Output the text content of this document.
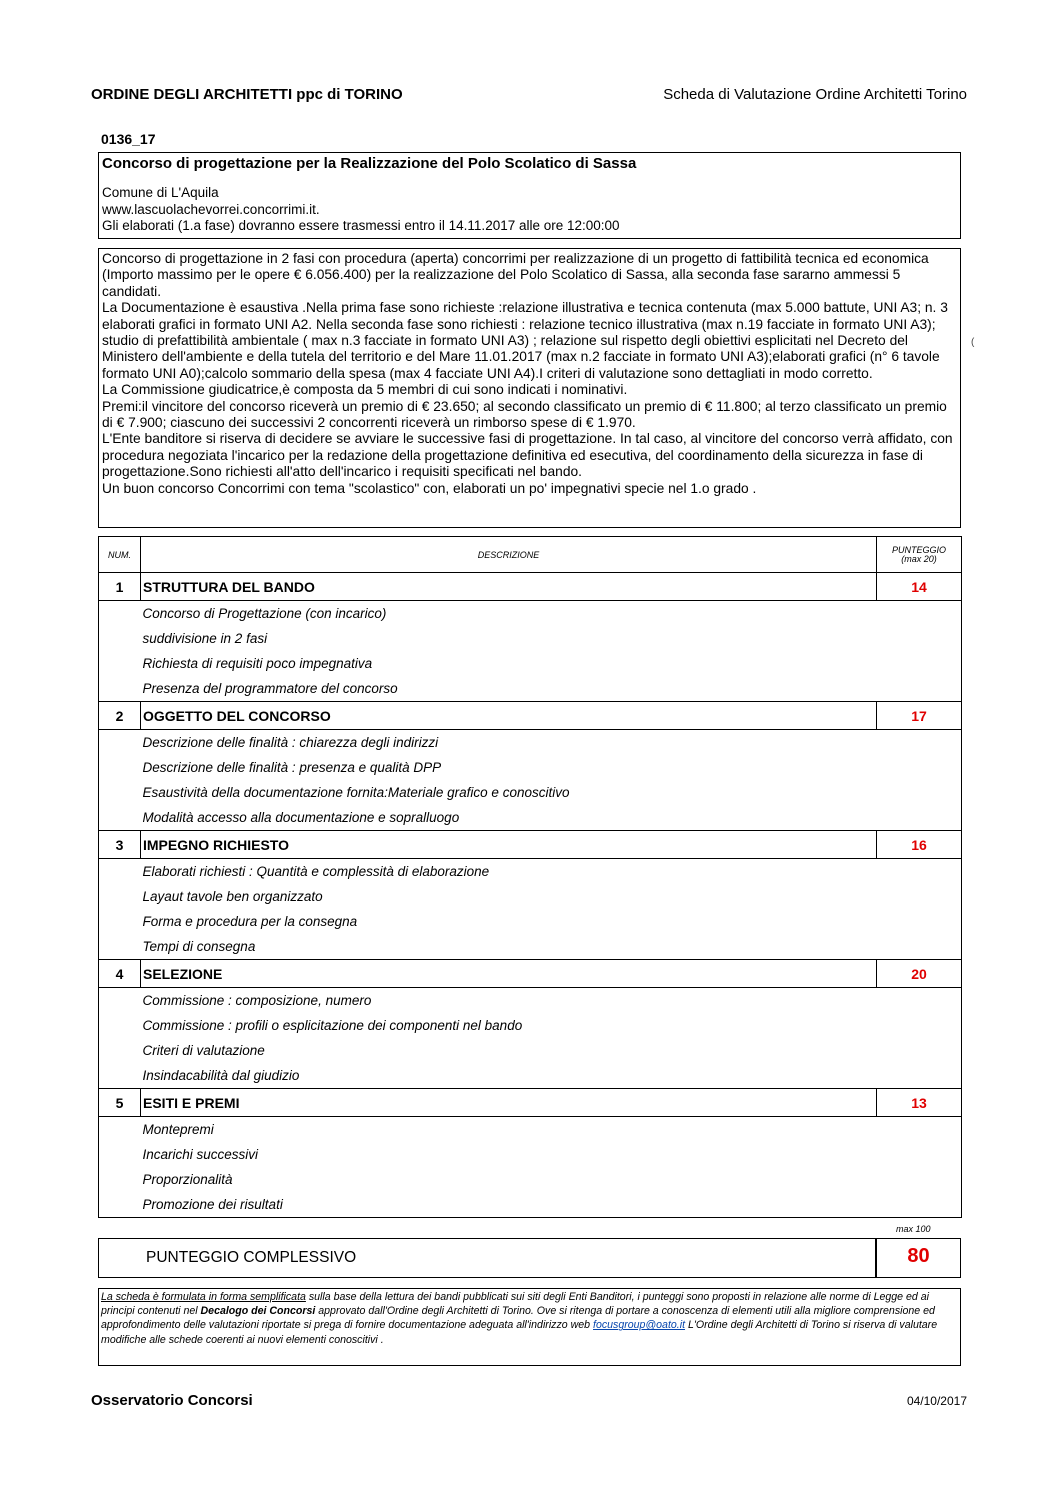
ORDINE DEGLI ARCHITETTI ppc di TORINO	Scheda di Valutazione Ordine Architetti Torino
0136_17
Concorso di progettazione per la Realizzazione del Polo Scolatico di Sassa
Comune di L'Aquila
www.lascuolachevorrei.concorrimi.it.
Gli elaborati (1.a fase) dovranno essere trasmessi entro il 14.11.2017 alle ore 12:00:00

Concorso di progettazione in 2 fasi con procedura (aperta) concorrimi per realizzazione di un progetto di fattibilità tecnica ed economica (Importo massimo per le opere € 6.056.400) per la realizzazione del Polo Scolatico di Sassa, alla seconda fase sararno ammessi 5 candidati.

La Documentazione è esaustiva .Nella prima fase sono richieste :relazione illustrativa e tecnica contenuta (max 5.000 battute, UNI A3; n. 3 elaborati grafici in formato UNI A2. Nella seconda fase sono richiesti : relazione tecnico illustrativa (max n.19 facciate in formato UNI A3); studio di prefattibilità ambientale ( max n.3 facciate in formato UNI A3) ; relazione sul rispetto degli obiettivi esplicitati nel Decreto del Ministero dell'ambiente e della tutela del territorio e del Mare 11.01.2017 (max n.2 facciate in formato UNI A3);elaborati grafici (n° 6 tavole formato UNI A0);calcolo sommario della spesa (max 4 facciate UNI A4).I criteri di valutazione sono dettagliati in modo corretto.

La Commissione giudicatrice,è composta da 5 membri di cui sono indicati i nominativi.

Premi:il vincitore del concorso riceverà un premio di € 23.650; al secondo classificato un premio di € 11.800; al terzo classificato un premio di € 7.900; ciascuno dei successivi 2 concorrenti riceverà un rimborso spese di € 1.970.

L'Ente banditore si riserva di decidere se avviare le successive fasi di progettazione. In tal caso, al vincitore del concorso verrà affidato, con procedura negoziata l'incarico per la redazione della progettazione definitiva ed esecutiva, del coordinamento della sicurezza in fase di progettazione.Sono richiesti all'atto dell'incarico i requisiti specificati nel bando.

Un buon concorso Concorrimi con tema "scolastico" con, elaborati un po' impegnativi specie nel 1.o grado .

(
NUM.	DESCRIZIONE	PUNTEGGIO
(max 20)
1	STRUTTURA DEL BANDO	14
	Concorso di Progettazione (con incarico)	
	suddivisione in 2 fasi	
	Richiesta di requisiti poco impegnativa	
	Presenza del programmatore del concorso	
2	OGGETTO DEL CONCORSO	17
	Descrizione delle finalità : chiarezza degli indirizzi	
	Descrizione delle finalità : presenza e qualità DPP	
	Esaustività della documentazione fornita:Materiale grafico e conoscitivo	
	Modalità accesso alla documentazione e sopralluogo	
3	IMPEGNO RICHIESTO	16
	Elaborati richiesti : Quantità e complessità di elaborazione	
	Layaut tavole ben organizzato	
	Forma e procedura per la consegna	
	Tempi di consegna	
4	SELEZIONE	20
	Commissione : composizione, numero	
	Commissione : profili o esplicitazione dei componenti nel bando	
	Criteri di valutazione	
	Insindacabilità dal giudizio	
5	ESITI E PREMI	13
	Montepremi	
	Incarichi successivi	
	Proporzionalità	
	Promozione dei risultati	
max 100
PUNTEGGIO COMPLESSIVO	80
La scheda è formulata in forma semplificata sulla base della lettura dei bandi pubblicati sui siti degli Enti Banditori, i punteggi sono proposti in relazione alle norme di Legge ed ai principi contenuti nel Decalogo dei Concorsi approvato dall'Ordine degli Architetti di Torino. Ove si ritenga di portare a conoscenza di elementi utili alla migliore comprensione ed approfondimento delle valutazioni riportate si prega di fornire documentazione adeguata all'indirizzo web focusgroup@oato.it L'Ordine degli Architetti di Torino si riserva di valutare modifiche alle schede coerenti ai nuovi elementi conoscitivi .
Osservatorio Concorsi	04/10/2017
